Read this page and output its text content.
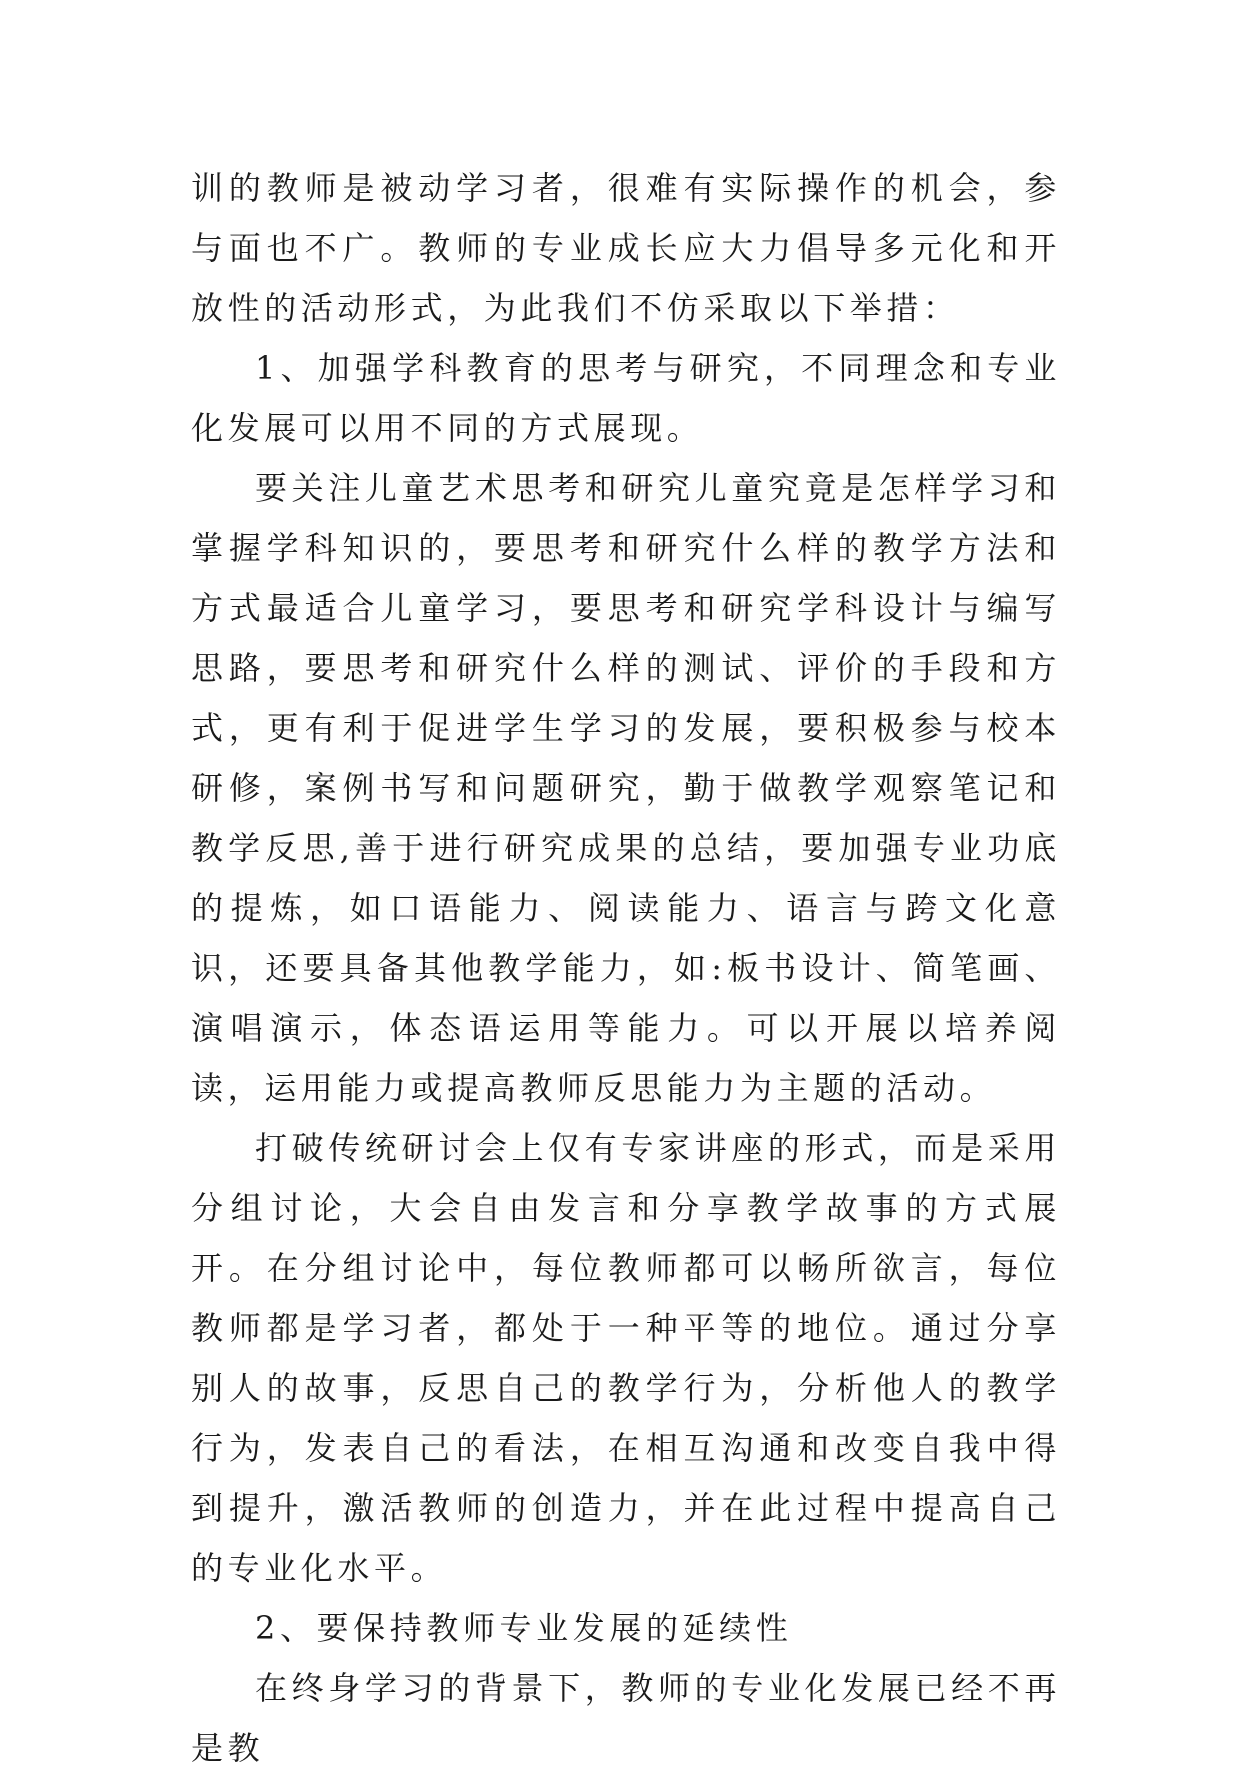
训的教师是被动学习者，很难有实际操作的机会，参与面也不广。教师的专业成长应大力倡导多元化和开放性的活动形式，为此我们不仿采取以下举措：

1、加强学科教育的思考与研究，不同理念和专业化发展可以用不同的方式展现。

要关注儿童艺术思考和研究儿童究竟是怎样学习和掌握学科知识的，要思考和研究什么样的教学方法和方式最适合儿童学习，要思考和研究学科设计与编写思路，要思考和研究什么样的测试、评价的手段和方式，更有利于促进学生学习的发展，要积极参与校本研修，案例书写和问题研究，勤于做教学观察笔记和教学反思,善于进行研究成果的总结，要加强专业功底的提炼，如口语能力、阅读能力、语言与跨文化意识，还要具备其他教学能力，如:板书设计、简笔画、演唱演示，体态语运用等能力。可以开展以培养阅读，运用能力或提高教师反思能力为主题的活动。

打破传统研讨会上仅有专家讲座的形式，而是采用分组讨论，大会自由发言和分享教学故事的方式展开。在分组讨论中，每位教师都可以畅所欲言，每位教师都是学习者，都处于一种平等的地位。通过分享别人的故事，反思自己的教学行为，分析他人的教学行为，发表自己的看法，在相互沟通和改变自我中得到提升，激活教师的创造力，并在此过程中提高自己的专业化水平。

2、要保持教师专业发展的延续性

在终身学习的背景下，教师的专业化发展已经不再是教
